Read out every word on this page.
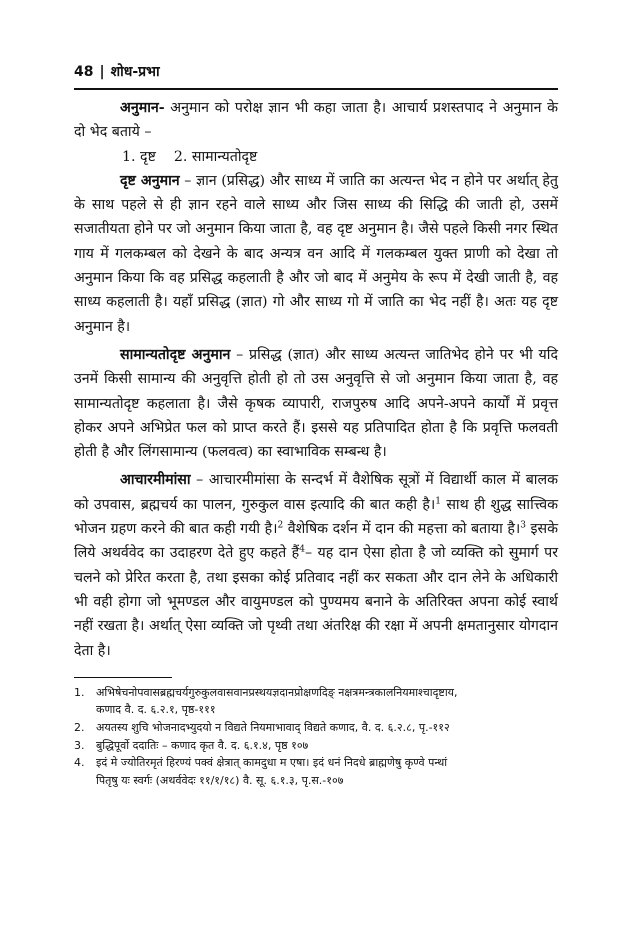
48 | शोध-प्रभा

अनुमान- अनुमान को परोक्ष ज्ञान भी कहा जाता है। आचार्य प्रशस्तपाद ने अनुमान के दो भेद बताये –

1. दृष्ट 2. सामान्यतोदृष्ट

दृष्ट अनुमान – ज्ञान (प्रसिद्ध) और साध्य में जाति का अत्यन्त भेद न होने पर अर्थात् हेतु के साथ पहले से ही ज्ञान रहने वाले साध्य और जिस साध्य की सिद्धि की जाती हो, उसमें सजातीयता होने पर जो अनुमान किया जाता है, वह दृष्ट अनुमान है। जैसे पहले किसी नगर स्थित गाय में गलकम्बल को देखने के बाद अन्यत्र वन आदि में गलकम्बल युक्त प्राणी को देखा तो अनुमान किया कि वह प्रसिद्ध कहलाती है और जो बाद में अनुमेय के रूप में देखी जाती है, वह साध्य कहलाती है। यहाँ प्रसिद्ध (ज्ञात) गो और साध्य गो में जाति का भेद नहीं है। अतः यह दृष्ट अनुमान है।

सामान्यतोदृष्ट अनुमान – प्रसिद्ध (ज्ञात) और साध्य अत्यन्त जातिभेद होने पर भी यदि उनमें किसी सामान्य की अनुवृत्ति होती हो तो उस अनुवृत्ति से जो अनुमान किया जाता है, वह सामान्यतोदृष्ट कहलाता है। जैसे कृषक व्यापारी, राजपुरुष आदि अपने-अपने कार्यों में प्रवृत्त होकर अपने अभिप्रेत फल को प्राप्त करते हैं। इससे यह प्रतिपादित होता है कि प्रवृत्ति फलवती होती है और लिंगसामान्य (फलवत्व) का स्वाभाविक सम्बन्ध है।

आचारमीमांसा – आचारमीमांसा के सन्दर्भ में वैशेषिक सूत्रों में विद्यार्थी काल में बालक को उपवास, ब्रह्मचर्य का पालन, गुरुकुल वास इत्यादि की बात कही है।$^1$ साथ ही शुद्ध सात्त्विक भोजन ग्रहण करने की बात कही गयी है।$^2$ वैशेषिक दर्शन में दान की महत्ता को बताया है।$^3$ इसके लिये अथर्ववेद का उदाहरण देते हुए कहते हैं$^4$– यह दान ऐसा होता है जो व्यक्ति को सुमार्ग पर चलने को प्रेरित करता है, तथा इसका कोई प्रतिवाद नहीं कर सकता और दान लेने के अधिकारी भी वही होगा जो भूमण्डल और वायुमण्डल को पुण्यमय बनाने के अतिरिक्त अपना कोई स्वार्थ नहीं रखता है। अर्थात् ऐसा व्यक्ति जो पृथ्वी तथा अंतरिक्ष की रक्षा में अपनी क्षमतानुसार योगदान देता है।

1.	अभिषेचनोपवासब्रह्मचर्यगुरुकुलवासवानप्रस्थयज्ञदानप्रोक्षणदिङ् नक्षत्रमन्त्रकालनियमाश्चादृष्टाय,
कणाद वै. द. ६.२.१, पृष्ठ-१११
2.	अयतस्य शुचि भोजनादभ्युदयो न विद्यते नियमाभावाद् विद्यते कणाद, वै. द. ६.२.८, पृ.-११२
3.	बुद्धिपूर्वो ददातिः – कणाद कृत वै. द. ६.१.४, पृष्ठ १०७
4.	इदं मे ज्योतिरमृतं हिरण्यं पक्वं क्षेत्रात् कामदुधा म एषा। इदं धनं निदधे ब्राह्मणेषु कृण्वे पन्थां
पितृषु यः स्वर्गः (अथर्ववेदः ११/१/१८) वै. सू. ६.१.३, पृ.स.-१०७
